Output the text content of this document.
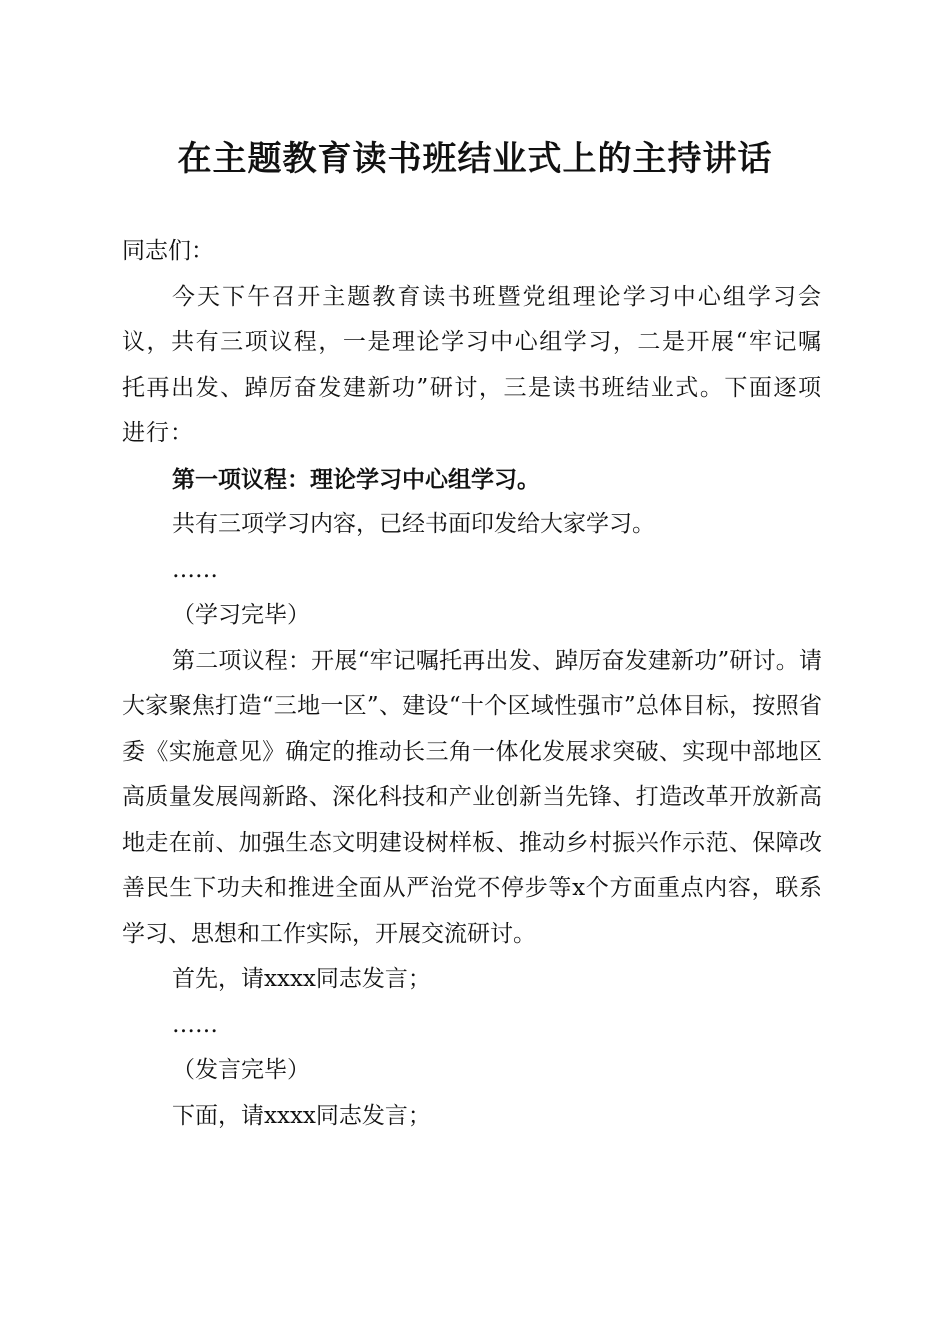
在主题教育读书班结业式上的主持讲话

同志们：

今天下午召开主题教育读书班暨党组理论学习中心组学习会议，共有三项议程，一是理论学习中心组学习，二是开展“牢记嘱托再出发、踔厉奋发建新功”研讨，三是读书班结业式。下面逐项进行：

第一项议程：理论学习中心组学习。

共有三项学习内容，已经书面印发给大家学习。

……

（学习完毕）

第二项议程：开展“牢记嘱托再出发、踔厉奋发建新功”研讨。请大家聚焦打造“三地一区”、建设“十个区域性强市”总体目标，按照省委《实施意见》确定的推动长三角一体化发展求突破、实现中部地区高质量发展闯新路、深化科技和产业创新当先锋、打造改革开放新高地走在前、加强生态文明建设树样板、推动乡村振兴作示范、保障改善民生下功夫和推进全面从严治党不停步等x个方面重点内容，联系学习、思想和工作实际，开展交流研讨。

首先，请xxxx同志发言；

……

（发言完毕）

下面，请xxxx同志发言；
